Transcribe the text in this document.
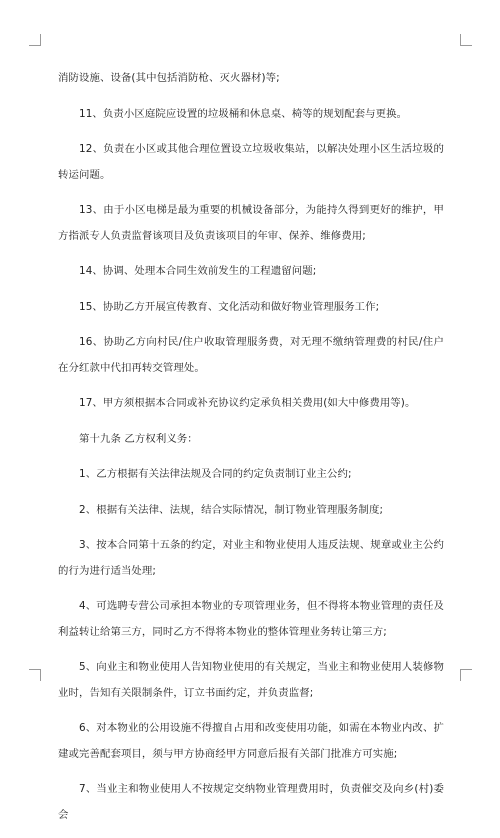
消防设施、设备(其中包括消防枪、灭火器材)等;

11、负责小区庭院应设置的垃圾桶和休息桌、椅等的规划配套与更换。

12、负责在小区或其他合理位置设立垃圾收集站，以解决处理小区生活垃圾的转运问题。

13、由于小区电梯是最为重要的机械设备部分，为能持久得到更好的维护，甲方指派专人负责监督该项目及负责该项目的年审、保养、维修费用;

14、协调、处理本合同生效前发生的工程遗留问题;

15、协助乙方开展宣传教育、文化活动和做好物业管理服务工作;

16、协助乙方向村民/住户收取管理服务费，对无理不缴纳管理费的村民/住户在分红款中代扣再转交管理处。

17、甲方须根据本合同或补充协议约定承负相关费用(如大中修费用等)。

第十九条 乙方权利义务：

1、乙方根据有关法律法规及合同的约定负责制订业主公约;

2、根据有关法律、法规，结合实际情况，制订物业管理服务制度;

3、按本合同第十五条的约定，对业主和物业使用人违反法规、规章或业主公约的行为进行适当处理;

4、可选聘专营公司承担本物业的专项管理业务，但不得将本物业管理的责任及利益转让给第三方，同时乙方不得将本物业的整体管理业务转让第三方;

5、向业主和物业使用人告知物业使用的有关规定，当业主和物业使用人装修物业时，告知有关限制条件，订立书面约定，并负责监督;

6、对本物业的公用设施不得擅自占用和改变使用功能，如需在本物业内改、扩建或完善配套项目，须与甲方协商经甲方同意后报有关部门批准方可实施;

7、当业主和物业使用人不按规定交纳物业管理费用时，负责催交及向乡(村)委会
